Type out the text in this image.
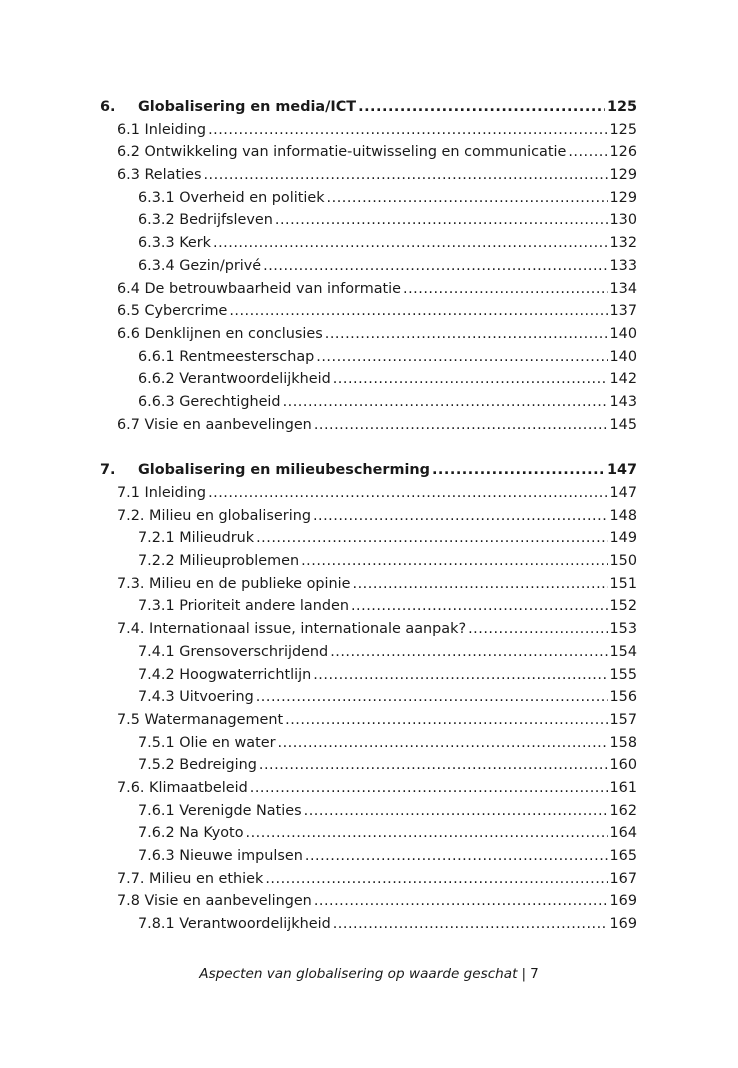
6. Globalisering en media/ICT .....	125
6.1 Inleiding .....	125
6.2 Ontwikkeling van informatie-uitwisseling en communicatie .....	126
6.3 Relaties .....	129
6.3.1 Overheid en politiek .....	129
6.3.2 Bedrijfsleven .....	130
6.3.3 Kerk .....	132
6.3.4 Gezin/privé .....	133
6.4 De betrouwbaarheid van informatie .....	134
6.5 Cybercrime .....	137
6.6 Denklijnen en conclusies .....	140
6.6.1 Rentmeesterschap .....	140
6.6.2 Verantwoordelijkheid .....	142
6.6.3 Gerechtigheid .....	143
6.7 Visie en aanbevelingen .....	145
7. Globalisering en milieubescherming .....	147
7.1 Inleiding .....	147
7.2. Milieu en globalisering .....	148
7.2.1 Milieudruk .....	149
7.2.2 Milieuproblemen .....	150
7.3. Milieu en de publieke opinie .....	151
7.3.1 Prioriteit andere landen .....	152
7.4. Internationaal issue, internationale aanpak? .....	153
7.4.1 Grensoverschrijdend .....	154
7.4.2 Hoogwaterrichtlijn .....	155
7.4.3 Uitvoering .....	156
7.5 Watermanagement .....	157
7.5.1 Olie en water .....	158
7.5.2 Bedreiging .....	160
7.6. Klimaatbeleid .....	161
7.6.1 Verenigde Naties .....	162
7.6.2 Na Kyoto .....	164
7.6.3 Nieuwe impulsen .....	165
7.7. Milieu en ethiek .....	167
7.8 Visie en aanbevelingen .....	169
7.8.1 Verantwoordelijkheid .....	169
Aspecten van globalisering op waarde geschat | 7
